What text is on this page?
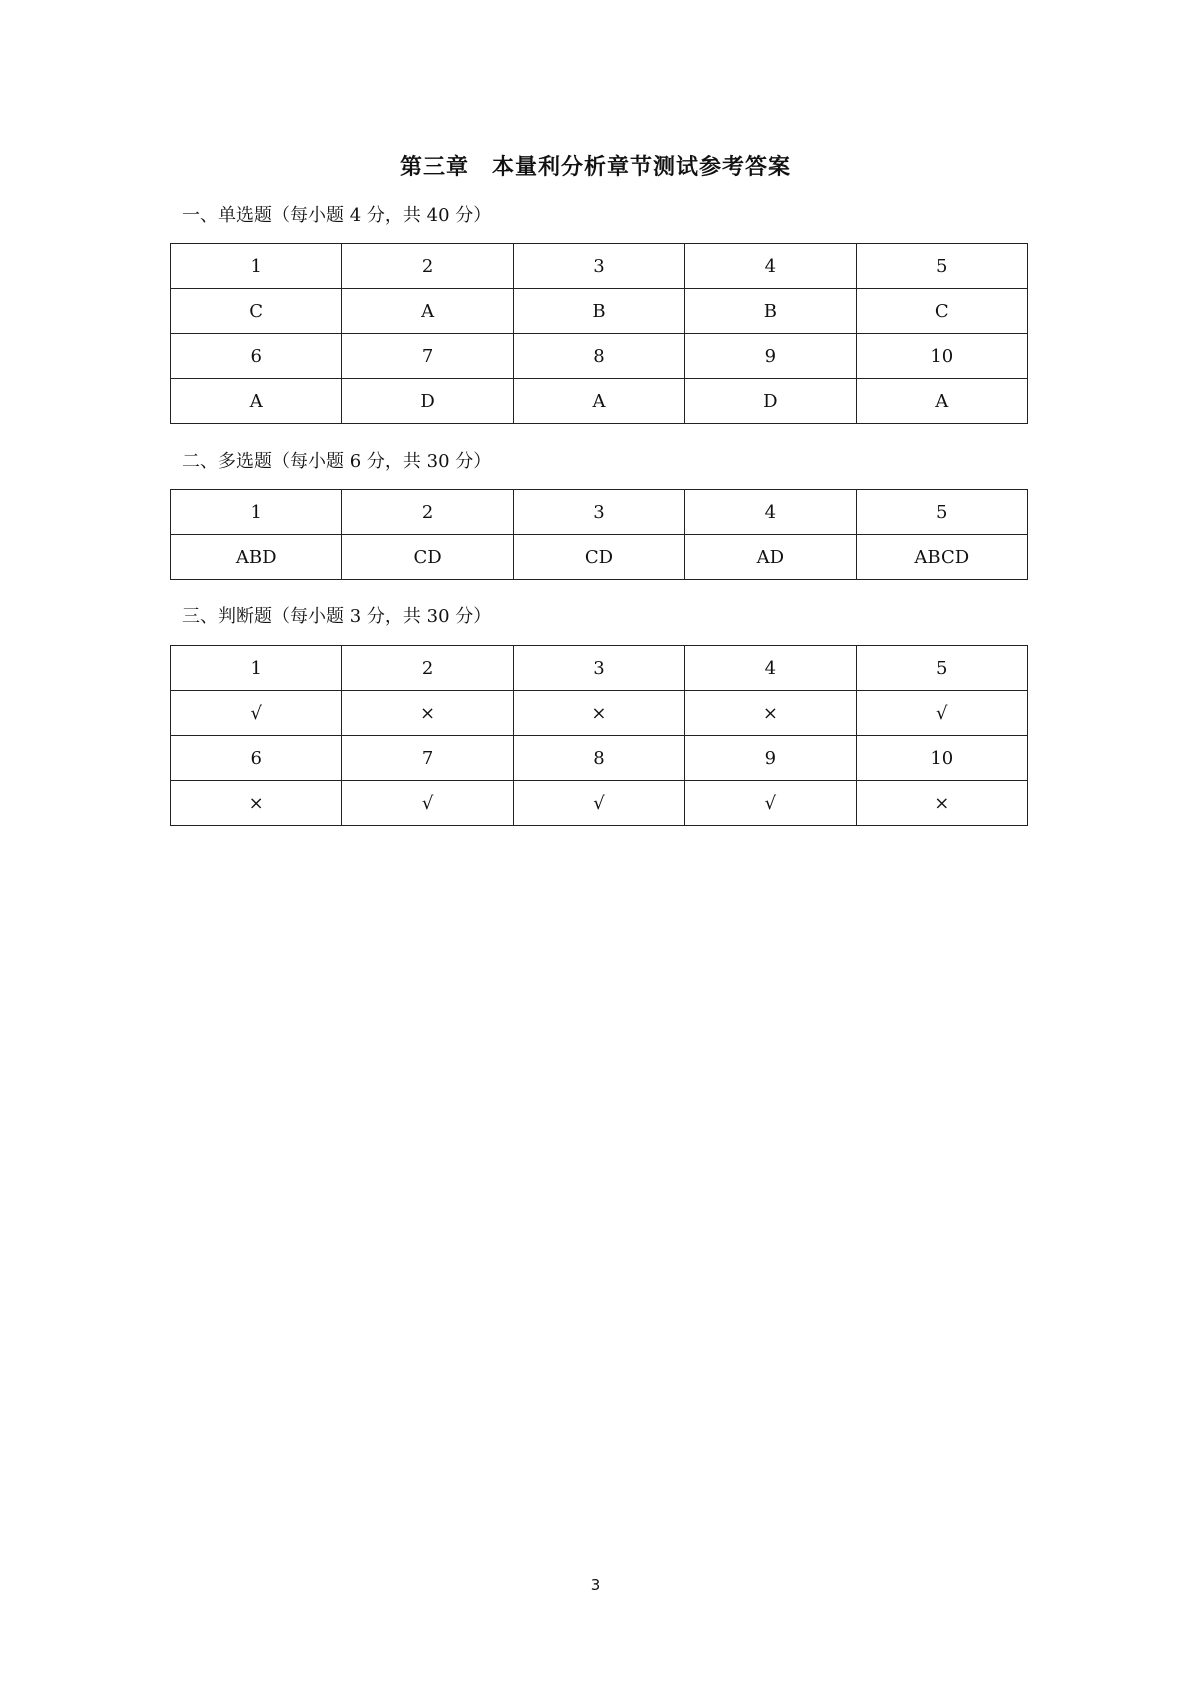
第三章　本量利分析章节测试参考答案
一、单选题（每小题 4 分，共 40 分）
1	2	3	4	5
C	A	B	B	C
6	7	8	9	10
A	D	A	D	A
二、多选题（每小题 6 分，共 30 分）
1	2	3	4	5
ABD	CD	CD	AD	ABCD
三、判断题（每小题 3 分，共 30 分）
1	2	3	4	5
√	×	×	×	√
6	7	8	9	10
×	√	√	√	×
3
